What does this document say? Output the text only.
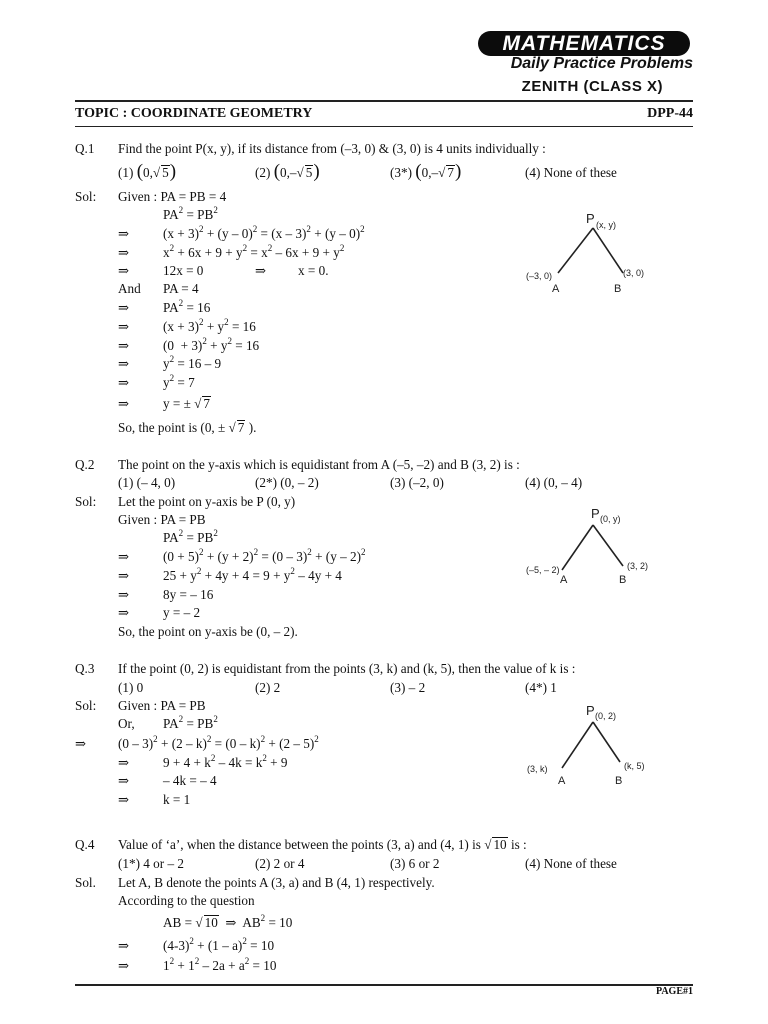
MATHEMATICS
Daily Practice Problems
ZENITH (CLASS X)
TOPIC : COORDINATE GEOMETRY	DPP-44
Q.1 Find the point P(x, y), if its distance from (–3, 0) & (3, 0) is 4 units individually :
(1) (0,√ 5)	(2) (0,–√ 5)	(3*) (0,–√ 7)	(4) None of these
Sol: Given : PA = PB = 4
$PA^2 = PB^2$
⇒	$(x + 3)^2 + (y - 0)^2 = (x - 3)^2 + (y - 0)^2$
⇒	$x^2 + 6x + 9 + y^2 = x^2 - 6x + 9 + y^2$
⇒	12x = 0	⇒ x = 0.
And PA = 4
⇒	$PA^2 = 16$
⇒	$(x + 3)^2 + y^2 = 16$
⇒	$(0 + 3)^2 + y^2 = 16$
⇒	$y^2 = 16 - 9$
⇒	$y^2 = 7$
⇒	y = ± √ 7
So, the point is (0, ± √ 7 ).
P (x, y)
(–3, 0)
A
(3, 0)
B
Q.2 The point on the y-axis which is equidistant from A (–5, –2) and B (3, 2) is :
(1) (– 4, 0)	(2*) (0, – 2)	(3) (–2, 0)	(4) (0, – 4)
Sol: Let the point on y-axis be P (0, y)
Given : PA = PB
$PA^2 = PB^2$
⇒	$(0 + 5)^2 + (y + 2)^2 = (0 - 3)^2 + (y - 2)^2$
⇒	$25 + y^2 + 4y + 4 = 9 + y^2 - 4y + 4$
⇒	8y = – 16
⇒	y = – 2
So, the point on y-axis be (0, – 2).
P (0, y)
(–5, – 2)
A
(3, 2)
B
Q.3 If the point (0, 2) is equidistant from the points (3, k) and (k, 5), then the value of k is :
(1) 0	(2) 2	(3) – 2	(4*) 1
Sol: Given : PA = PB
Or, $PA^2 = PB^2$
⇒ (0 – 3)$^2$ + (2 – k)$^2$ = (0 – k)$^2$ + (2 – 5)$^2$
⇒	$9 + 4 + k^2 - 4k = k^2 + 9$
⇒	– 4k = – 4
⇒	k = 1
P (0, 2)
(3, k)
A
(k, 5)
B
Q.4 Value of ‘a’, when the distance between the points (3, a) and (4, 1) is √ 10 is :
(1*) 4 or – 2	(2) 2 or 4	(3) 6 or 2	(4) None of these
Sol. Let A, B denote the points A (3, a) and B (4, 1) respectively.
According to the question
AB = √ 10 ⇒  $AB^2 = 10$
⇒	$(4-3)^2 + (1 - a)^2 = 10$
⇒	$1^2 + 1^2 - 2a + a^2 = 10$
PAGE#1
